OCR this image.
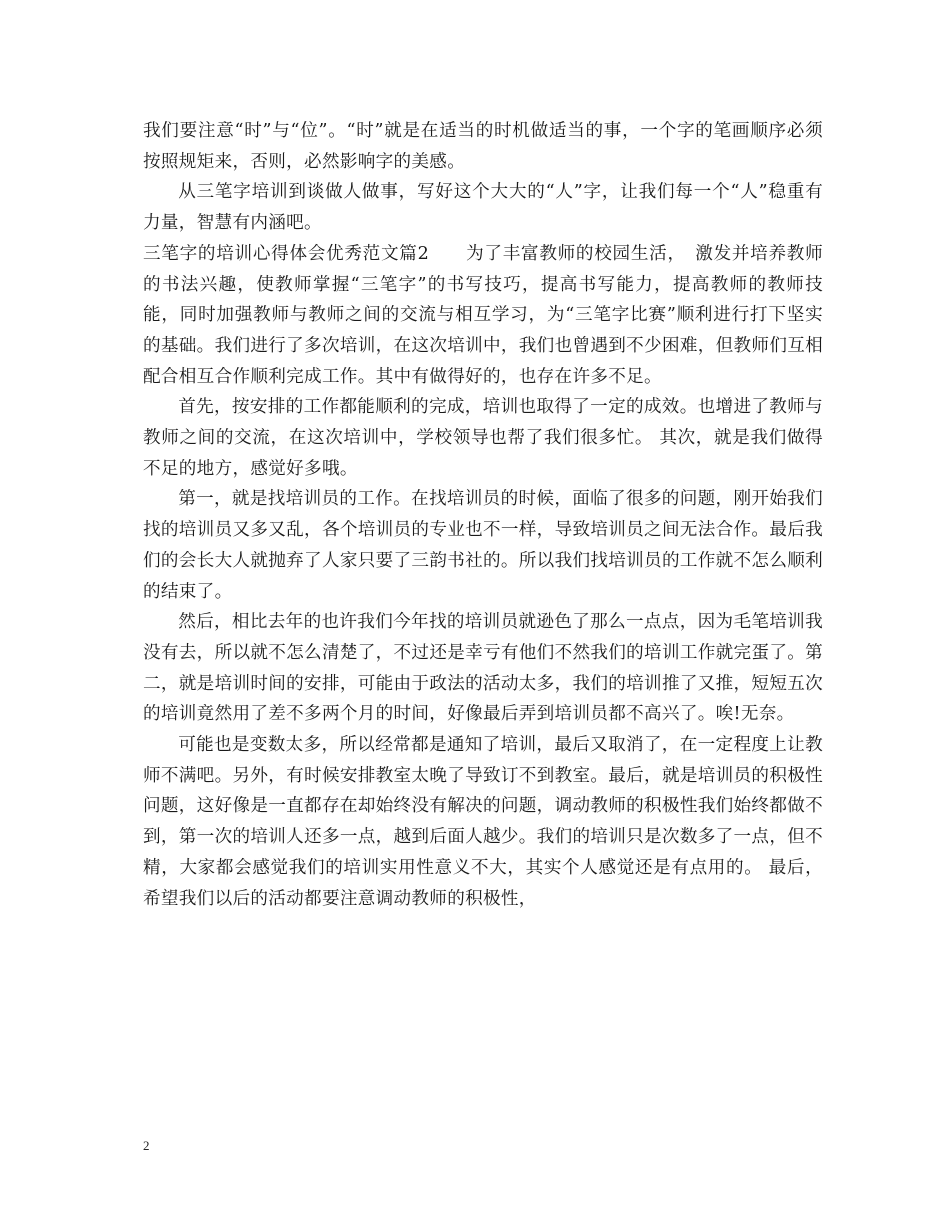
我们要注意“时”与“位”。“时”就是在适当的时机做适当的事，一个字的笔画顺序必须按照规矩来，否则，必然影响字的美感。

从三笔字培训到谈做人做事，写好这个大大的“人”字，让我们每一个“人”稳重有力量，智慧有内涵吧。

三笔字的培训心得体会优秀范文篇2　　为了丰富教师的校园生活，　激发并培养教师的书法兴趣，使教师掌握“三笔字”的书写技巧，提高书写能力，提高教师的教师技能，同时加强教师与教师之间的交流与相互学习，为“三笔字比赛”顺利进行打下坚实的基础。我们进行了多次培训，在这次培训中，我们也曾遇到不少困难，但教师们互相配合相互合作顺利完成工作。其中有做得好的，也存在许多不足。

首先，按安排的工作都能顺利的完成，培训也取得了一定的成效。也增进了教师与教师之间的交流，在这次培训中，学校领导也帮了我们很多忙。 其次，就是我们做得不足的地方，感觉好多哦。

第一，就是找培训员的工作。在找培训员的时候，面临了很多的问题，刚开始我们找的培训员又多又乱，各个培训员的专业也不一样，导致培训员之间无法合作。最后我们的会长大人就抛弃了人家只要了三韵书社的。所以我们找培训员的工作就不怎么顺利的结束了。

然后，相比去年的也许我们今年找的培训员就逊色了那么一点点，因为毛笔培训我没有去，所以就不怎么清楚了，不过还是幸亏有他们不然我们的培训工作就完蛋了。第二，就是培训时间的安排，可能由于政法的活动太多，我们的培训推了又推，短短五次的培训竟然用了差不多两个月的时间，好像最后弄到培训员都不高兴了。唉!无奈。

可能也是变数太多，所以经常都是通知了培训，最后又取消了，在一定程度上让教师不满吧。另外，有时候安排教室太晚了导致订不到教室。最后，就是培训员的积极性问题，这好像是一直都存在却始终没有解决的问题，调动教师的积极性我们始终都做不到，第一次的培训人还多一点，越到后面人越少。我们的培训只是次数多了一点，但不精，大家都会感觉我们的培训实用性意义不大，其实个人感觉还是有点用的。 最后，希望我们以后的活动都要注意调动教师的积极性，

2
